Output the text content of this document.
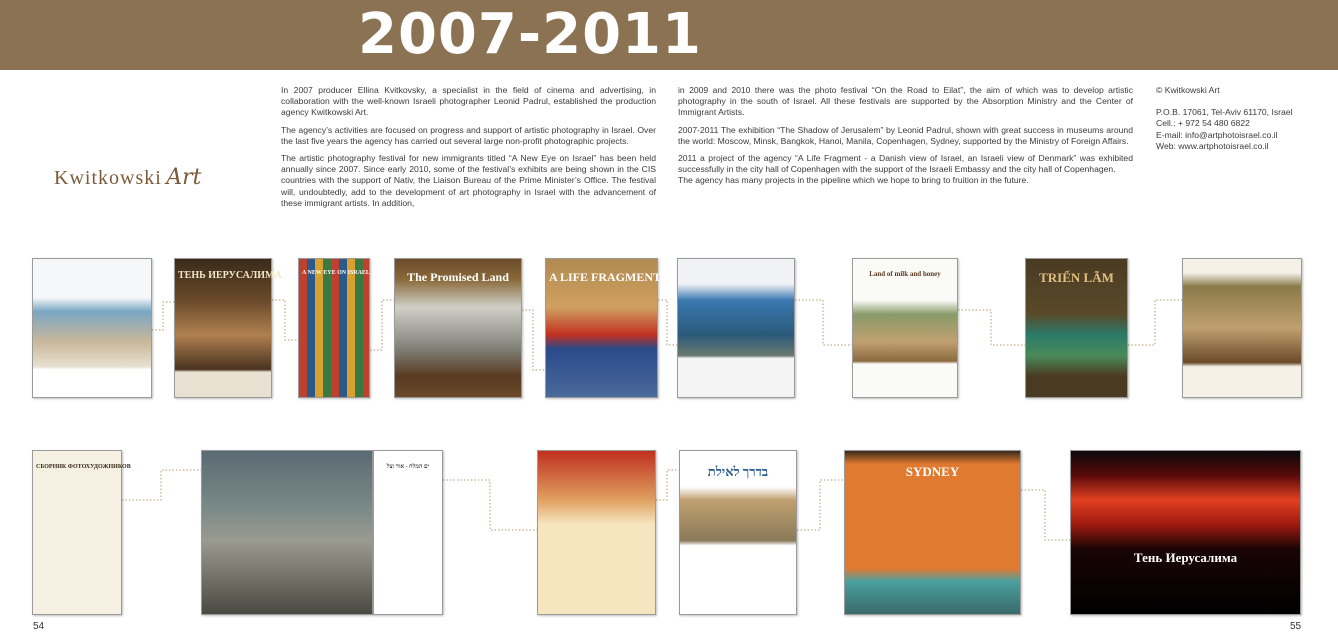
2007-2011
Kwitkowski Art

In 2007 producer Ellina Kvitkovsky, a specialist in the field of cinema and advertising, in collaboration with the well-known Israeli photographer Leonid Padrul, established the production agency Kwitkowski Art.

The agency’s activities are focused on progress and support of artistic photography in Israel. Over the last five years the agency has carried out several large non-profit photographic projects.

The artistic photography festival for new immigrants titled “A New Eye on Israel” has been held annually since 2007. Since early 2010, some of the festival’s exhibits are being shown in the CIS countries with the support of Nativ, the Liaison Bureau of the Prime Minister’s Office. The festival will, undoubtedly, add to the development of art photography in Israel with the advancement of these immigrant artists. In addition,

in 2009 and 2010 there was the photo festival “On the Road to Eilat”, the aim of which was to develop artistic photography in the south of Israel. All these festivals are supported by the Absorption Ministry and the Center of Immigrant Artists.

2007-2011 The exhibition “The Shadow of Jerusalem” by Leonid Padrul, shown with great success in museums around the world: Moscow, Minsk, Bangkok, Hanoi, Manila, Copenhagen, Sydney, supported by the Ministry of Foreign Affairs.

2011 a project of the agency “A Life Fragment - a Danish view of Israel, an Israeli view of Denmark” was exhibited successfully in the city hall of Copenhagen with the support of the Israeli Embassy and the city hall of Copenhagen.

The agency has many projects in the pipeline which we hope to bring to fruition in the future.

© Kwitkowski Art
P.O.B. 17061, Tel-Aviv 61170, Israel
Cell.: + 972 54 480 6822
E-mail: info@artphotoisrael.co.il
Web: www.artphotoisrael.co.il
ТЕНЬ ИЕРУСАЛИМА	A NEW EYE ON ISRAEL	The Promised Land	A LIFE FRAGMENT	Land of milk and honey	TRIỂN LÃM
СБОРНИК ФОТОХУДОЖНИКОВ	ים המלח - אור וצל	בדרך לאילת	SYDNEY
Тень Иерусалима
54	55
